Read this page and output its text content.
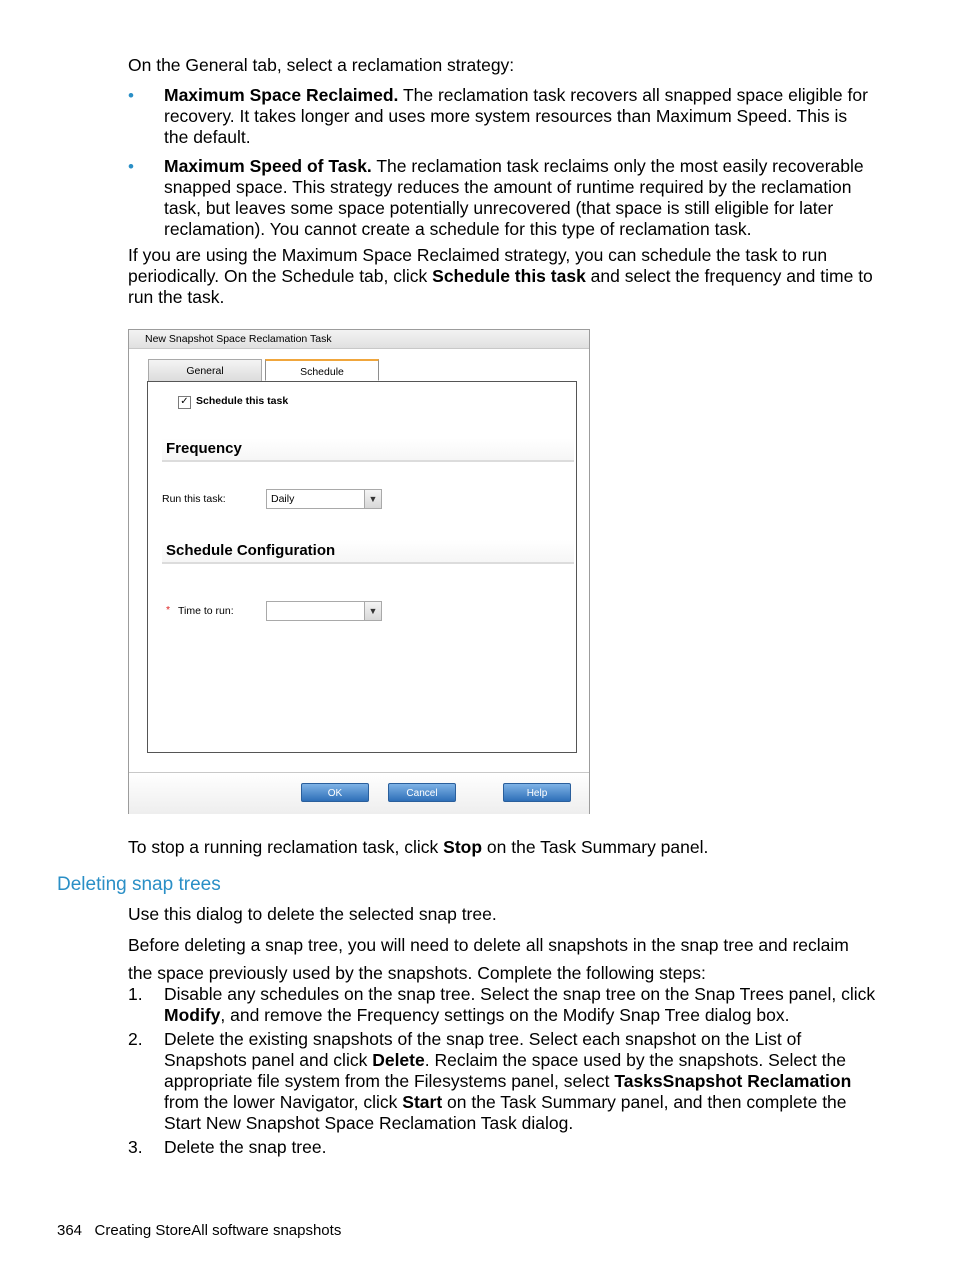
On the General tab, select a reclamation strategy:
• Maximum Space Reclaimed. The reclamation task recovers all snapped space eligible for recovery. It takes longer and uses more system resources than Maximum Speed. This is the default.
• Maximum Speed of Task. The reclamation task reclaims only the most easily recoverable snapped space. This strategy reduces the amount of runtime required by the reclamation task, but leaves some space potentially unrecovered (that space is still eligible for later reclamation). You cannot create a schedule for this type of reclamation task.
If you are using the Maximum Space Reclaimed strategy, you can schedule the task to run periodically. On the Schedule tab, click Schedule this task and select the frequency and time to run the task.
New Snapshot Space Reclamation Task
General	Schedule
✓ Schedule this task
Frequency
Run this task:	Daily	▼
Schedule Configuration
* Time to run:	▼
OK	Cancel	Help
To stop a running reclamation task, click Stop on the Task Summary panel.
Deleting snap trees
Use this dialog to delete the selected snap tree.
Before deleting a snap tree, you will need to delete all snapshots in the snap tree and reclaim the space previously used by the snapshots. Complete the following steps:
1. Disable any schedules on the snap tree. Select the snap tree on the Snap Trees panel, click Modify, and remove the Frequency settings on the Modify Snap Tree dialog box.
2. Delete the existing snapshots of the snap tree. Select each snapshot on the List of Snapshots panel and click Delete. Reclaim the space used by the snapshots. Select the appropriate file system from the Filesystems panel, select TasksSnapshot Reclamation from the lower Navigator, click Start on the Task Summary panel, and then complete the Start New Snapshot Space Reclamation Task dialog.
3. Delete the snap tree.
364   Creating StoreAll software snapshots
